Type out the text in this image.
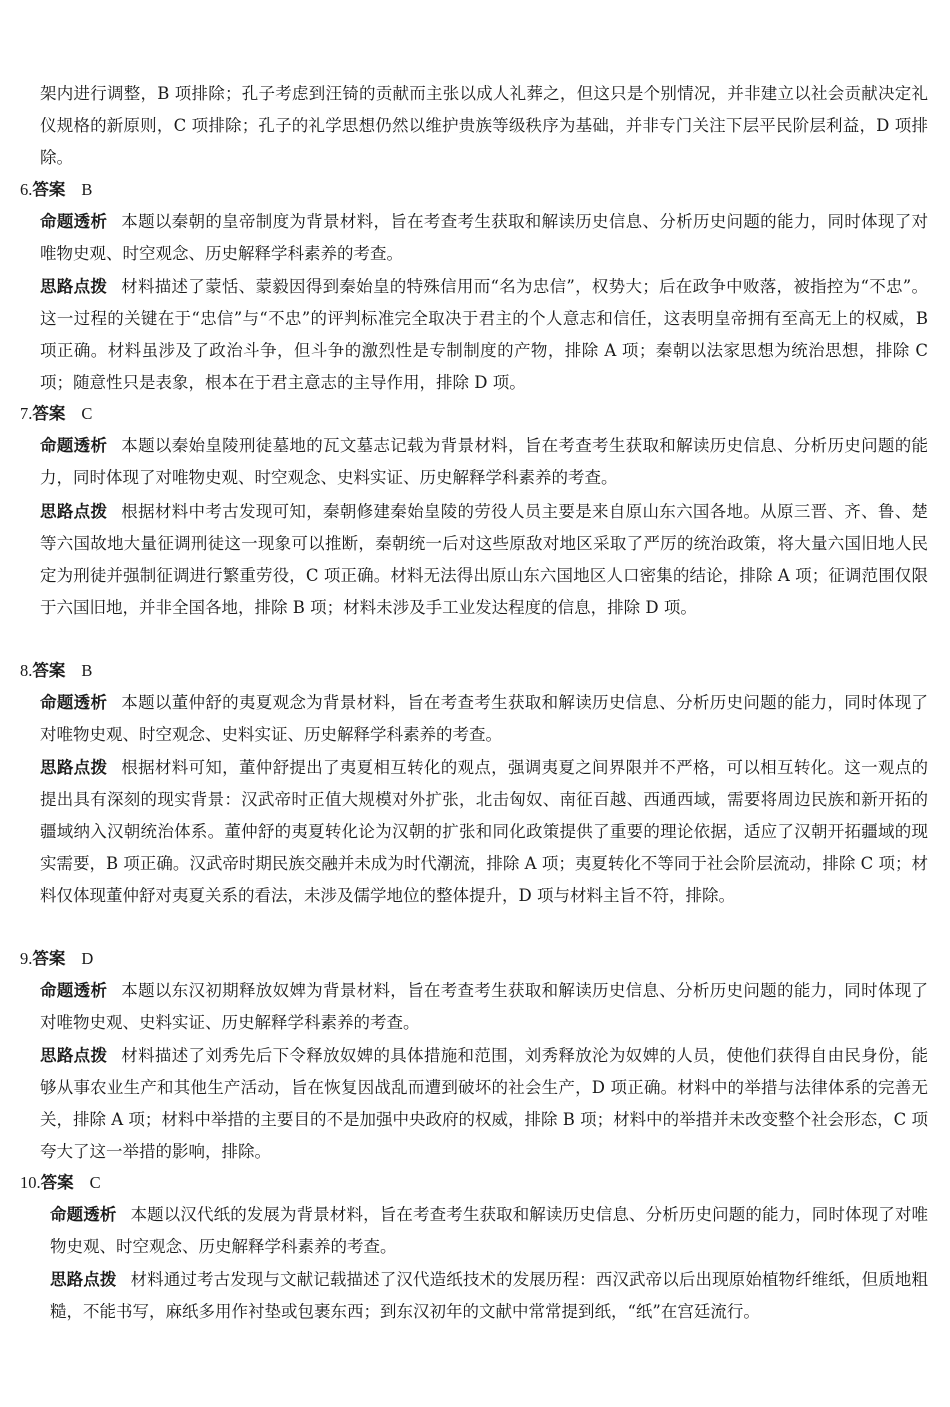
架内进行调整，B 项排除；孔子考虑到汪锜的贡献而主张以成人礼葬之，但这只是个别情况，并非建立以社会贡献决定礼仪规格的新原则，C 项排除；孔子的礼学思想仍然以维护贵族等级秩序为基础，并非专门关注下层平民阶层利益，D 项排除。

6.答案 B

命题透析 本题以秦朝的皇帝制度为背景材料，旨在考查考生获取和解读历史信息、分析历史问题的能力，同时体现了对唯物史观、时空观念、历史解释学科素养的考查。

思路点拨 材料描述了蒙恬、蒙毅因得到秦始皇的特殊信用而“名为忠信”，权势大；后在政争中败落，被指控为“不忠”。这一过程的关键在于“忠信”与“不忠”的评判标准完全取决于君主的个人意志和信任，这表明皇帝拥有至高无上的权威，B 项正确。材料虽涉及了政治斗争，但斗争的激烈性是专制制度的产物，排除 A 项；秦朝以法家思想为统治思想，排除 C 项；随意性只是表象，根本在于君主意志的主导作用，排除 D 项。

7.答案 C

命题透析 本题以秦始皇陵刑徒墓地的瓦文墓志记载为背景材料，旨在考查考生获取和解读历史信息、分析历史问题的能力，同时体现了对唯物史观、时空观念、史料实证、历史解释学科素养的考查。

思路点拨 根据材料中考古发现可知，秦朝修建秦始皇陵的劳役人员主要是来自原山东六国各地。从原三晋、齐、鲁、楚等六国故地大量征调刑徒这一现象可以推断，秦朝统一后对这些原敌对地区采取了严厉的统治政策，将大量六国旧地人民定为刑徒并强制征调进行繁重劳役，C 项正确。材料无法得出原山东六国地区人口密集的结论，排除 A 项；征调范围仅限于六国旧地，并非全国各地，排除 B 项；材料未涉及手工业发达程度的信息，排除 D 项。

8.答案 B

命题透析 本题以董仲舒的夷夏观念为背景材料，旨在考查考生获取和解读历史信息、分析历史问题的能力，同时体现了对唯物史观、时空观念、史料实证、历史解释学科素养的考查。

思路点拨 根据材料可知，董仲舒提出了夷夏相互转化的观点，强调夷夏之间界限并不严格，可以相互转化。这一观点的提出具有深刻的现实背景：汉武帝时正值大规模对外扩张，北击匈奴、南征百越、西通西域，需要将周边民族和新开拓的疆域纳入汉朝统治体系。董仲舒的夷夏转化论为汉朝的扩张和同化政策提供了重要的理论依据，适应了汉朝开拓疆域的现实需要，B 项正确。汉武帝时期民族交融并未成为时代潮流，排除 A 项；夷夏转化不等同于社会阶层流动，排除 C 项；材料仅体现董仲舒对夷夏关系的看法，未涉及儒学地位的整体提升，D 项与材料主旨不符，排除。

9.答案 D

命题透析 本题以东汉初期释放奴婢为背景材料，旨在考查考生获取和解读历史信息、分析历史问题的能力，同时体现了对唯物史观、史料实证、历史解释学科素养的考查。

思路点拨 材料描述了刘秀先后下令释放奴婢的具体措施和范围，刘秀释放沦为奴婢的人员，使他们获得自由民身份，能够从事农业生产和其他生产活动，旨在恢复因战乱而遭到破坏的社会生产，D 项正确。材料中的举措与法律体系的完善无关，排除 A 项；材料中举措的主要目的不是加强中央政府的权威，排除 B 项；材料中的举措并未改变整个社会形态，C 项夸大了这一举措的影响，排除。

10.答案 C

命题透析 本题以汉代纸的发展为背景材料，旨在考查考生获取和解读历史信息、分析历史问题的能力，同时体现了对唯物史观、时空观念、历史解释学科素养的考查。

思路点拨 材料通过考古发现与文献记载描述了汉代造纸技术的发展历程：西汉武帝以后出现原始植物纤维纸，但质地粗糙，不能书写，麻纸多用作衬垫或包裹东西；到东汉初年的文献中常常提到纸，“纸”在宫廷流行。
